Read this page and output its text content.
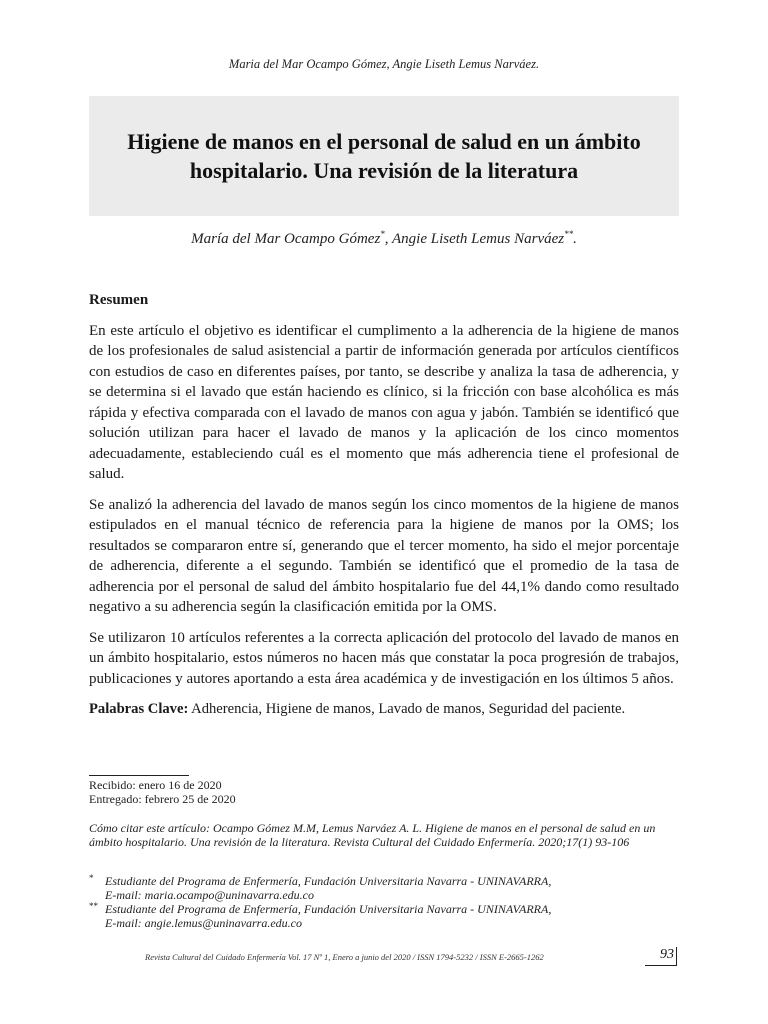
Maria del Mar Ocampo Gómez, Angie Liseth Lemus Narváez.
Higiene de manos en el personal de salud en un ámbito hospitalario. Una revisión de la literatura
María del Mar Ocampo Gómez*, Angie Liseth Lemus Narváez**.
Resumen

En este artículo el objetivo es identificar el cumplimento a la adherencia de la higiene de manos de los profesionales de salud asistencial a partir de información generada por artículos científicos con estudios de caso en diferentes países, por tanto, se describe y analiza la tasa de adherencia, y se determina si el lavado que están haciendo es clínico, si la fricción con base alcohólica es más rápida y efectiva comparada con el lavado de manos con agua y jabón. También se identificó que solución utilizan para hacer el lavado de manos y la aplicación de los cinco momentos adecuadamente, estableciendo cuál es el momento que más adherencia tiene el profesional de salud.

Se analizó la adherencia del lavado de manos según los cinco momentos de la higiene de manos estipulados en el manual técnico de referencia para la higiene de manos por la OMS; los resultados se compararon entre sí, generando que el tercer momento, ha sido el mejor porcentaje de adherencia, diferente a el segundo. También se identificó que el promedio de la tasa de adherencia por el personal de salud del ámbito hospitalario fue del 44,1% dando como resultado negativo a su adherencia según la clasificación emitida por la OMS.

Se utilizaron 10 artículos referentes a la correcta aplicación del protocolo del lavado de manos en un ámbito hospitalario, estos números no hacen más que constatar la poca progresión de trabajos, publicaciones y autores aportando a esta área académica y de investigación en los últimos 5 años.

Palabras Clave: Adherencia, Higiene de manos, Lavado de manos, Seguridad del paciente.

Recibido: enero 16 de 2020
Entregado: febrero 25 de 2020
Cómo citar este artículo: Ocampo Gómez M.M, Lemus Narváez A. L. Higiene de manos en el personal de salud en un ámbito hospitalario. Una revisión de la literatura. Revista Cultural del Cuidado Enfermería. 2020;17(1) 93-106
* Estudiante del Programa de Enfermería, Fundación Universitaria Navarra - UNINAVARRA,
E-mail: maria.ocampo@uninavarra.edu.co
** Estudiante del Programa de Enfermería, Fundación Universitaria Navarra - UNINAVARRA,
E-mail: angie.lemus@uninavarra.edu.co
Revista Cultural del Cuidado Enfermería Vol. 17 Nº 1, Enero a junio del 2020 / ISSN 1794-5232 / ISSN E-2665-1262	93
